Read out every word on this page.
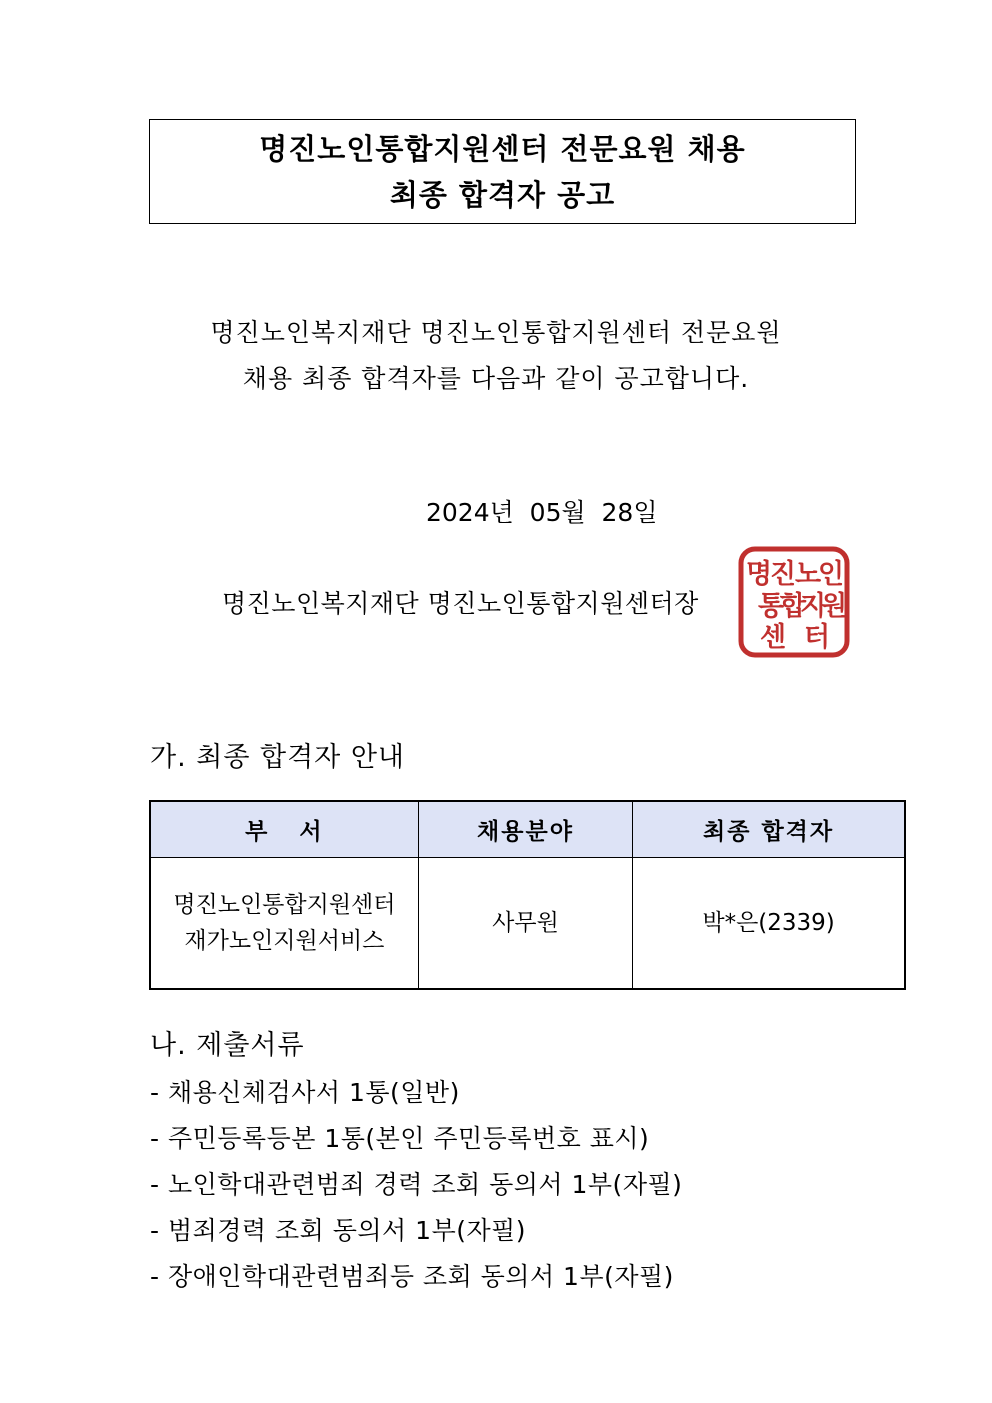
명진노인통합지원센터 전문요원 채용
최종 합격자 공고
명진노인복지재단 명진노인통합지원센터 전문요원
채용 최종 합격자를 다음과 같이 공고합니다.
2024년  05월  28일
명진노인복지재단 명진노인통합지원센터장
명
진
노
인
통
합
지
원
센 터
가. 최종 합격자 안내
부   서	채용분야	최종 합격자

명진노인통합지원센터
재가노인지원서비스	사무원	박*은(2339)
나. 제출서류
- 채용신체검사서 1통(일반)
- 주민등록등본 1통(본인 주민등록번호 표시)
- 노인학대관련범죄 경력 조회 동의서 1부(자필)
- 범죄경력 조회 동의서 1부(자필)
- 장애인학대관련범죄등 조회 동의서 1부(자필)
